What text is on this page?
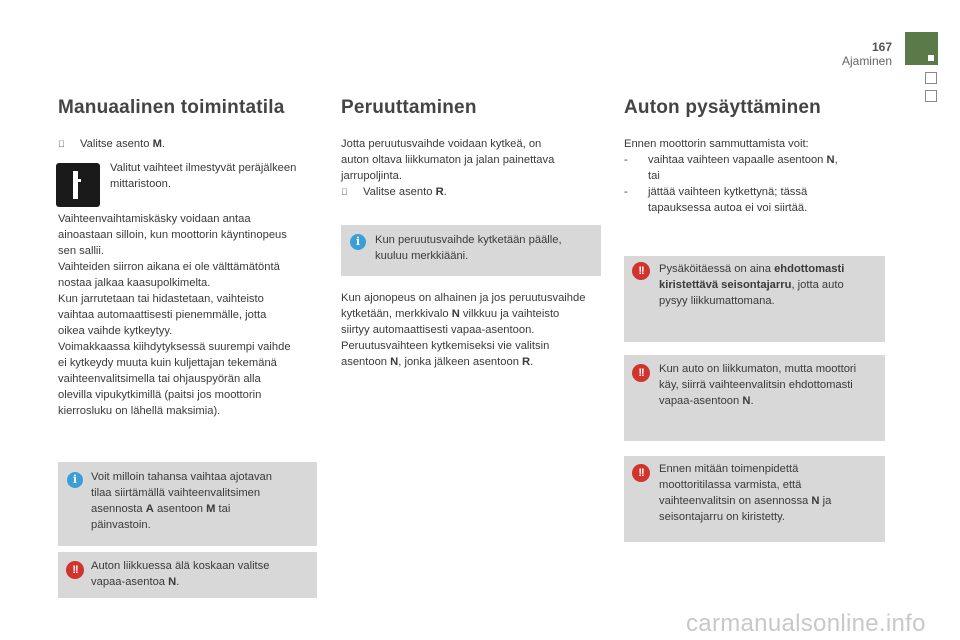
167
Ajaminen
Manuaalinen toimintatila
Valitse asento M.

Valitut vaihteet ilmestyvät peräjälkeen

mittaristoon.

Vaihteenvaihtamiskäsky voidaan antaa

ainoastaan silloin, kun moottorin käyntinopeus

sen sallii.

Vaihteiden siirron aikana ei ole välttämätöntä

nostaa jalkaa kaasupolkimelta.

Kun jarrutetaan tai hidastetaan, vaihteisto

vaihtaa automaattisesti pienemmälle, jotta

oikea vaihde kytkeytyy.

Voimakkaassa kiihdytyksessä suurempi vaihde

ei kytkeydy muuta kuin kuljettajan tekemänä

vaihteenvalitsimella tai ohjauspyörän alla

olevilla vipukytkimillä (paitsi jos moottorin

kierrosluku on lähellä maksimia).

i	Voit milloin tahansa vaihtaa ajotavan

tilaa siirtämällä vaihteenvalitsimen

asennosta A asentoon M tai

päinvastoin.

!!	Auton liikkuessa älä koskaan valitse

vapaa-asentoa N.

Peruuttaminen

Jotta peruutusvaihde voidaan kytkeä, on

auton oltava liikkumaton ja jalan painettava

jarrupoljinta.

Valitse asento R.
i	Kun peruutusvaihde kytketään päälle,

kuuluu merkkiääni.

Kun ajonopeus on alhainen ja jos peruutusvaihde

kytketään, merkkivalo N vilkkuu ja vaihteisto

siirtyy automaattisesti vapaa-asentoon.

Peruutusvaihteen kytkemiseksi vie valitsin

asentoon N, jonka jälkeen asentoon R.

Auton pysäyttäminen
Ennen moottorin sammuttamista voit:

- vaihtaa vaihteen vapaalle asentoon N,

tai

- jättää vaihteen kytkettynä; tässä

tapauksessa autoa ei voi siirtää.

!!	Pysäköitäessä on aina ehdottomasti

kiristettävä seisontajarru, jotta auto

pysyy liikkumattomana.

!!	Kun auto on liikkumaton, mutta moottori

käy, siirrä vaihteenvalitsin ehdottomasti

vapaa-asentoon N.

!!	Ennen mitään toimenpidettä

moottoritilassa varmista, että

vaihteenvalitsin on asennossa N ja

seisontajarru on kiristetty.

carmanualsonline.info
